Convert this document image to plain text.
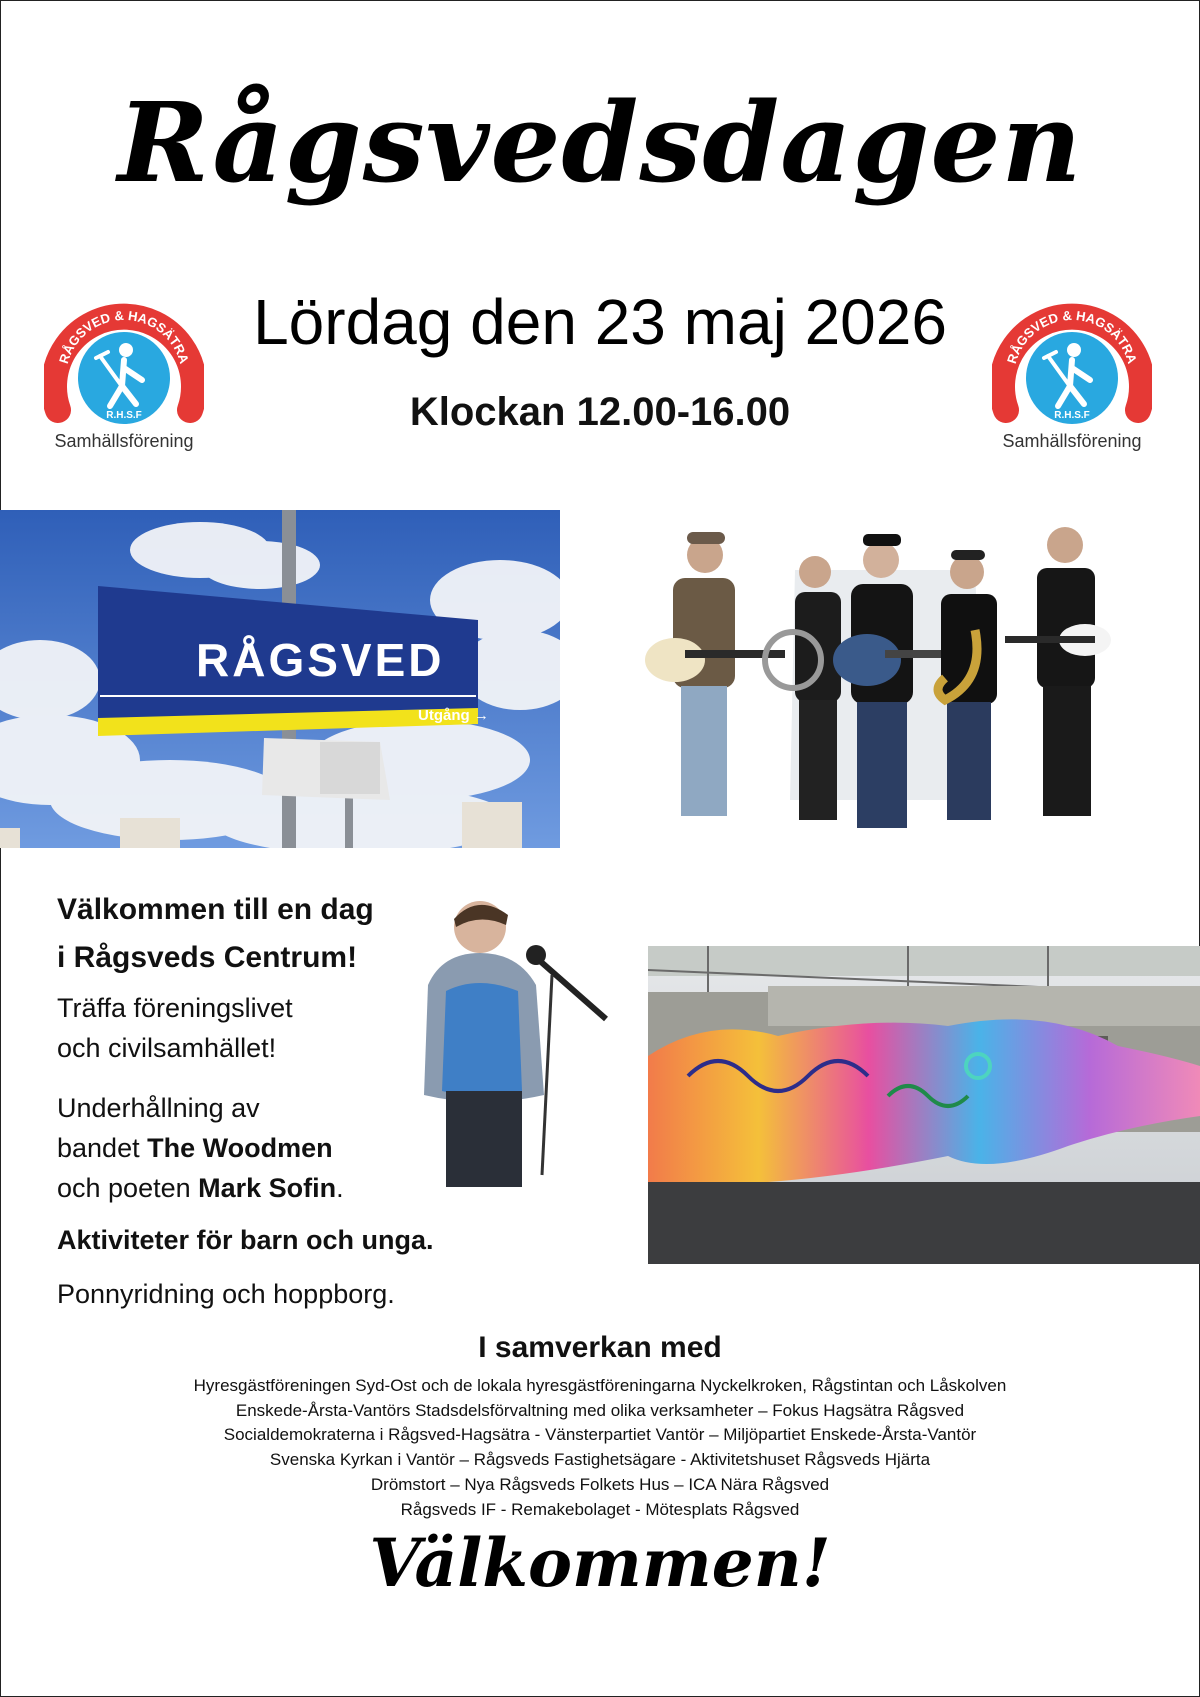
Rågsvedsdagen
Lördag den 23 maj 2026
Klockan 12.00-16.00
RÅGSVED & HAGSÄTRA
R.H.S.F
Samhällsförening
RÅGSVED & HAGSÄTRA
R.H.S.F
Samhällsförening
RÅGSVED
Utgång →

Välkommen till en dag

i Rågsveds Centrum!

Träffa föreningslivet

och civilsamhället!

Underhållning av

bandet The Woodmen

och poeten Mark Sofin.

Aktiviteter för barn och unga.
Ponnyridning och hoppborg.
I samverkan med
Hyresgästföreningen Syd-Ost och de lokala hyresgästföreningarna Nyckelkroken, Rågstintan och Låskolven
Enskede-Årsta-Vantörs Stadsdelsförvaltning med olika verksamheter – Fokus Hagsätra Rågsved
Socialdemokraterna i Rågsved-Hagsätra - Vänsterpartiet Vantör – Miljöpartiet Enskede-Årsta-Vantör
Svenska Kyrkan i Vantör – Rågsveds Fastighetsägare - Aktivitetshuset Rågsveds Hjärta
Drömstort – Nya Rågsveds Folkets Hus – ICA Nära Rågsved
Rågsveds IF - Remakebolaget - Mötesplats Rågsved
Välkommen!
